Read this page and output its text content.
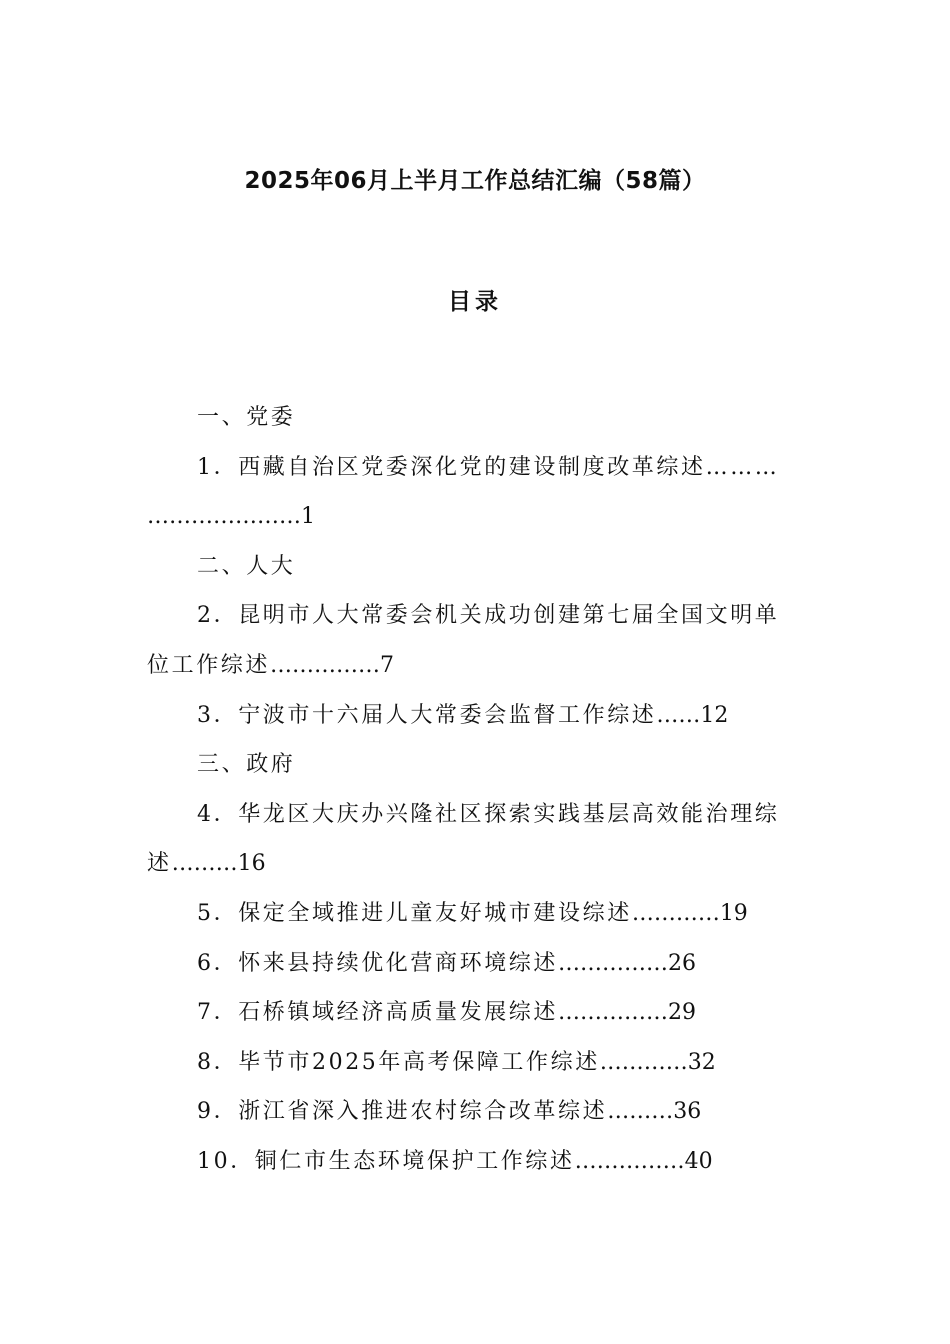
2025年06月上半月工作总结汇编（58篇）
目录
一、党委
1．西藏自治区党委深化党的建设制度改革综述………
…………………1
二、人大
2．昆明市人大常委会机关成功创建第七届全国文明单
位工作综述……………7
3．宁波市十六届人大常委会监督工作综述……12
三、政府
4．华龙区大庆办兴隆社区探索实践基层高效能治理综
述………16
5．保定全域推进儿童友好城市建设综述…………19
6．怀来县持续优化营商环境综述……………26
7．石桥镇域经济高质量发展综述……………29
8．毕节市2025年高考保障工作综述…………32
9．浙江省深入推进农村综合改革综述………36
10．铜仁市生态环境保护工作综述……………40
